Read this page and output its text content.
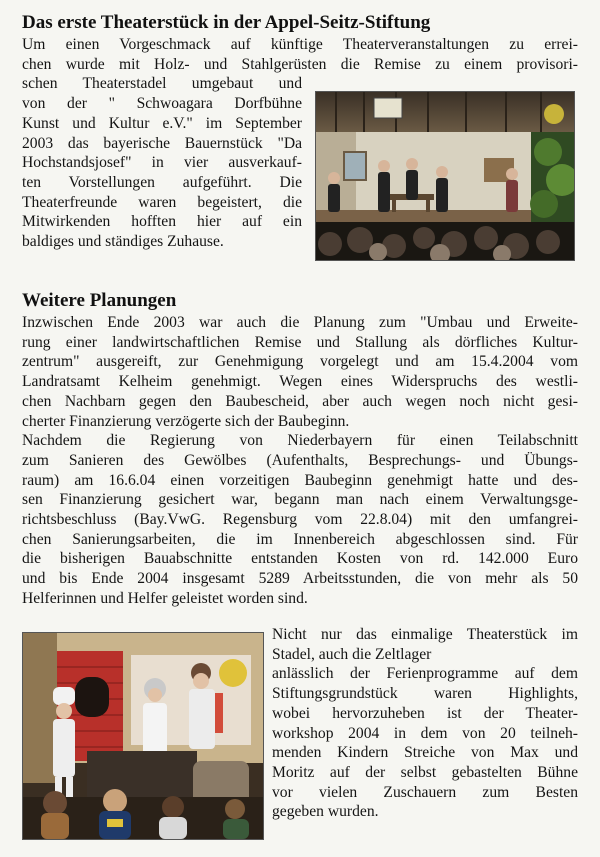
Das erste Theaterstück in der Appel-Seitz-Stiftung

Um einen Vorgeschmack auf künftige Theaterveranstaltungen zu errei-
chen wurde mit Holz- und Stahlgerüsten die Remise zu einem provisori-

schen Theaterstadel umgebaut und
von der " Schwoagara Dorfbühne
Kunst und Kultur e.V." im September
2003 das bayerische Bauernstück "Da
Hochstandsjosef" in vier ausverkauf-
ten Vorstellungen aufgeführt. Die
Theaterfreunde waren begeistert, die
Mitwirkenden hofften hier auf ein
baldiges und ständiges Zuhause.

Weitere Planungen

Inzwischen Ende 2003 war auch die Planung zum "Umbau und Erweite-
rung einer landwirtschaftlichen Remise und Stallung als dörfliches Kultur-
zentrum" ausgereift, zur Genehmigung vorgelegt und am 15.4.2004 vom
Landratsamt Kelheim genehmigt. Wegen eines Widerspruchs des westli-
chen Nachbarn gegen den Baubescheid, aber auch wegen noch nicht gesi-
cherter Finanzierung verzögerte sich der Baubeginn.
Nachdem die Regierung von Niederbayern für einen Teilabschnitt
zum Sanieren des Gewölbes (Aufenthalts, Besprechungs- und Übungs-
raum) am 16.6.04 einen vorzeitigen Baubeginn genehmigt hatte und des-
sen Finanzierung gesichert war, begann man nach einem Verwaltungsge-
richtsbeschluss (Bay.VwG. Regensburg vom 22.8.04) mit den umfangrei-
chen Sanierungsarbeiten, die im Innenbereich abgeschlossen sind. Für
die bisherigen Bauabschnitte entstanden Kosten von rd. 142.000 Euro
und bis Ende 2004 insgesamt 5289 Arbeitsstunden, die von mehr als 50
Helferinnen und Helfer geleistet worden sind.

Nicht nur das einmalige Theaterstück im
Stadel, auch die Zeltlager
anlässlich der Ferienprogramme auf dem
Stiftungsgrundstück waren Highlights,
wobei hervorzuheben ist der Theater-
workshop 2004 in dem von 20 teilneh-
menden Kindern Streiche von Max und
Moritz auf der selbst gebastelten Bühne
vor vielen Zuschauern zum Besten
gegeben wurden.
